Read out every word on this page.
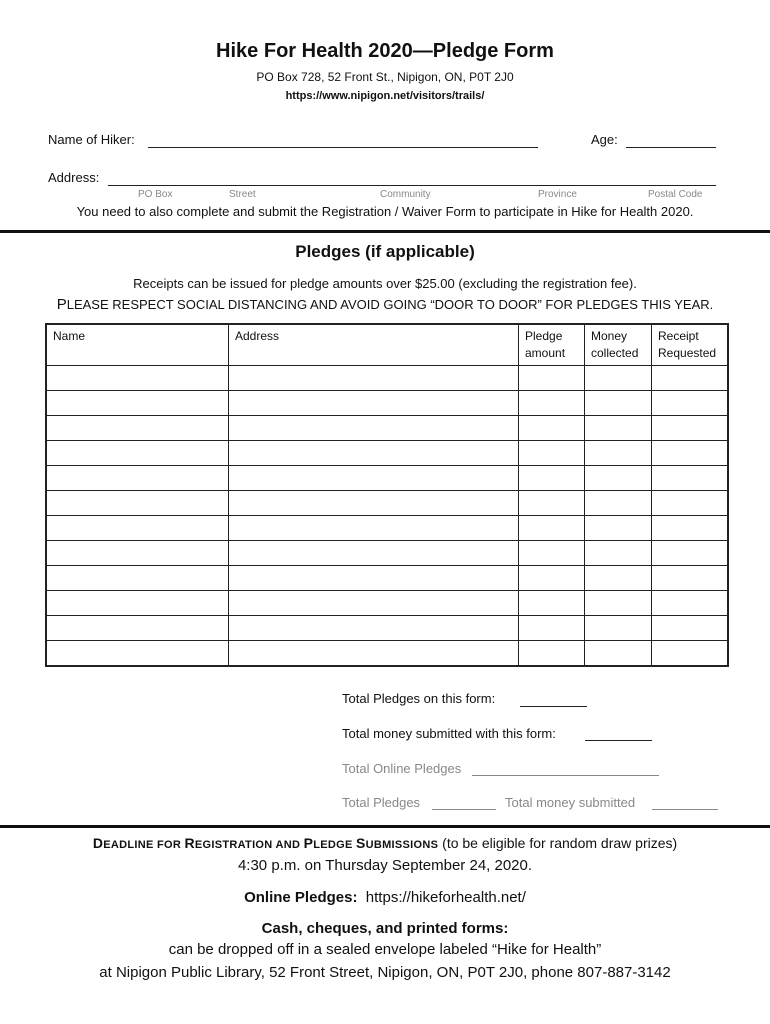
Hike For Health 2020—Pledge Form
PO Box 728, 52 Front St., Nipigon, ON, P0T 2J0
https://www.nipigon.net/visitors/trails/
Name of Hiker:	Age:
Address:
PO Box	Street	Community	Province	Postal Code
You need to also complete and submit the Registration / Waiver Form to participate in Hike for Health 2020.
Pledges (if applicable)
Receipts can be issued for pledge amounts over $25.00 (excluding the registration fee).
PLEASE RESPECT SOCIAL DISTANCING AND AVOID GOING “DOOR TO DOOR” FOR PLEDGES THIS YEAR.
Name	Address	Pledge amount	Money collected	Receipt Requested

Total Pledges on this form:
Total money submitted with this form:
Total Online Pledges
Total Pledges	Total money submitted
DEADLINE FOR REGISTRATION AND PLEDGE SUBMISSIONS (to be eligible for random draw prizes)
4:30 p.m. on Thursday September 24, 2020.
Online Pledges: https://hikeforhealth.net/
Cash, cheques, and printed forms:
can be dropped off in a sealed envelope labeled “Hike for Health”
at Nipigon Public Library, 52 Front Street, Nipigon, ON, P0T 2J0, phone 807-887-3142
